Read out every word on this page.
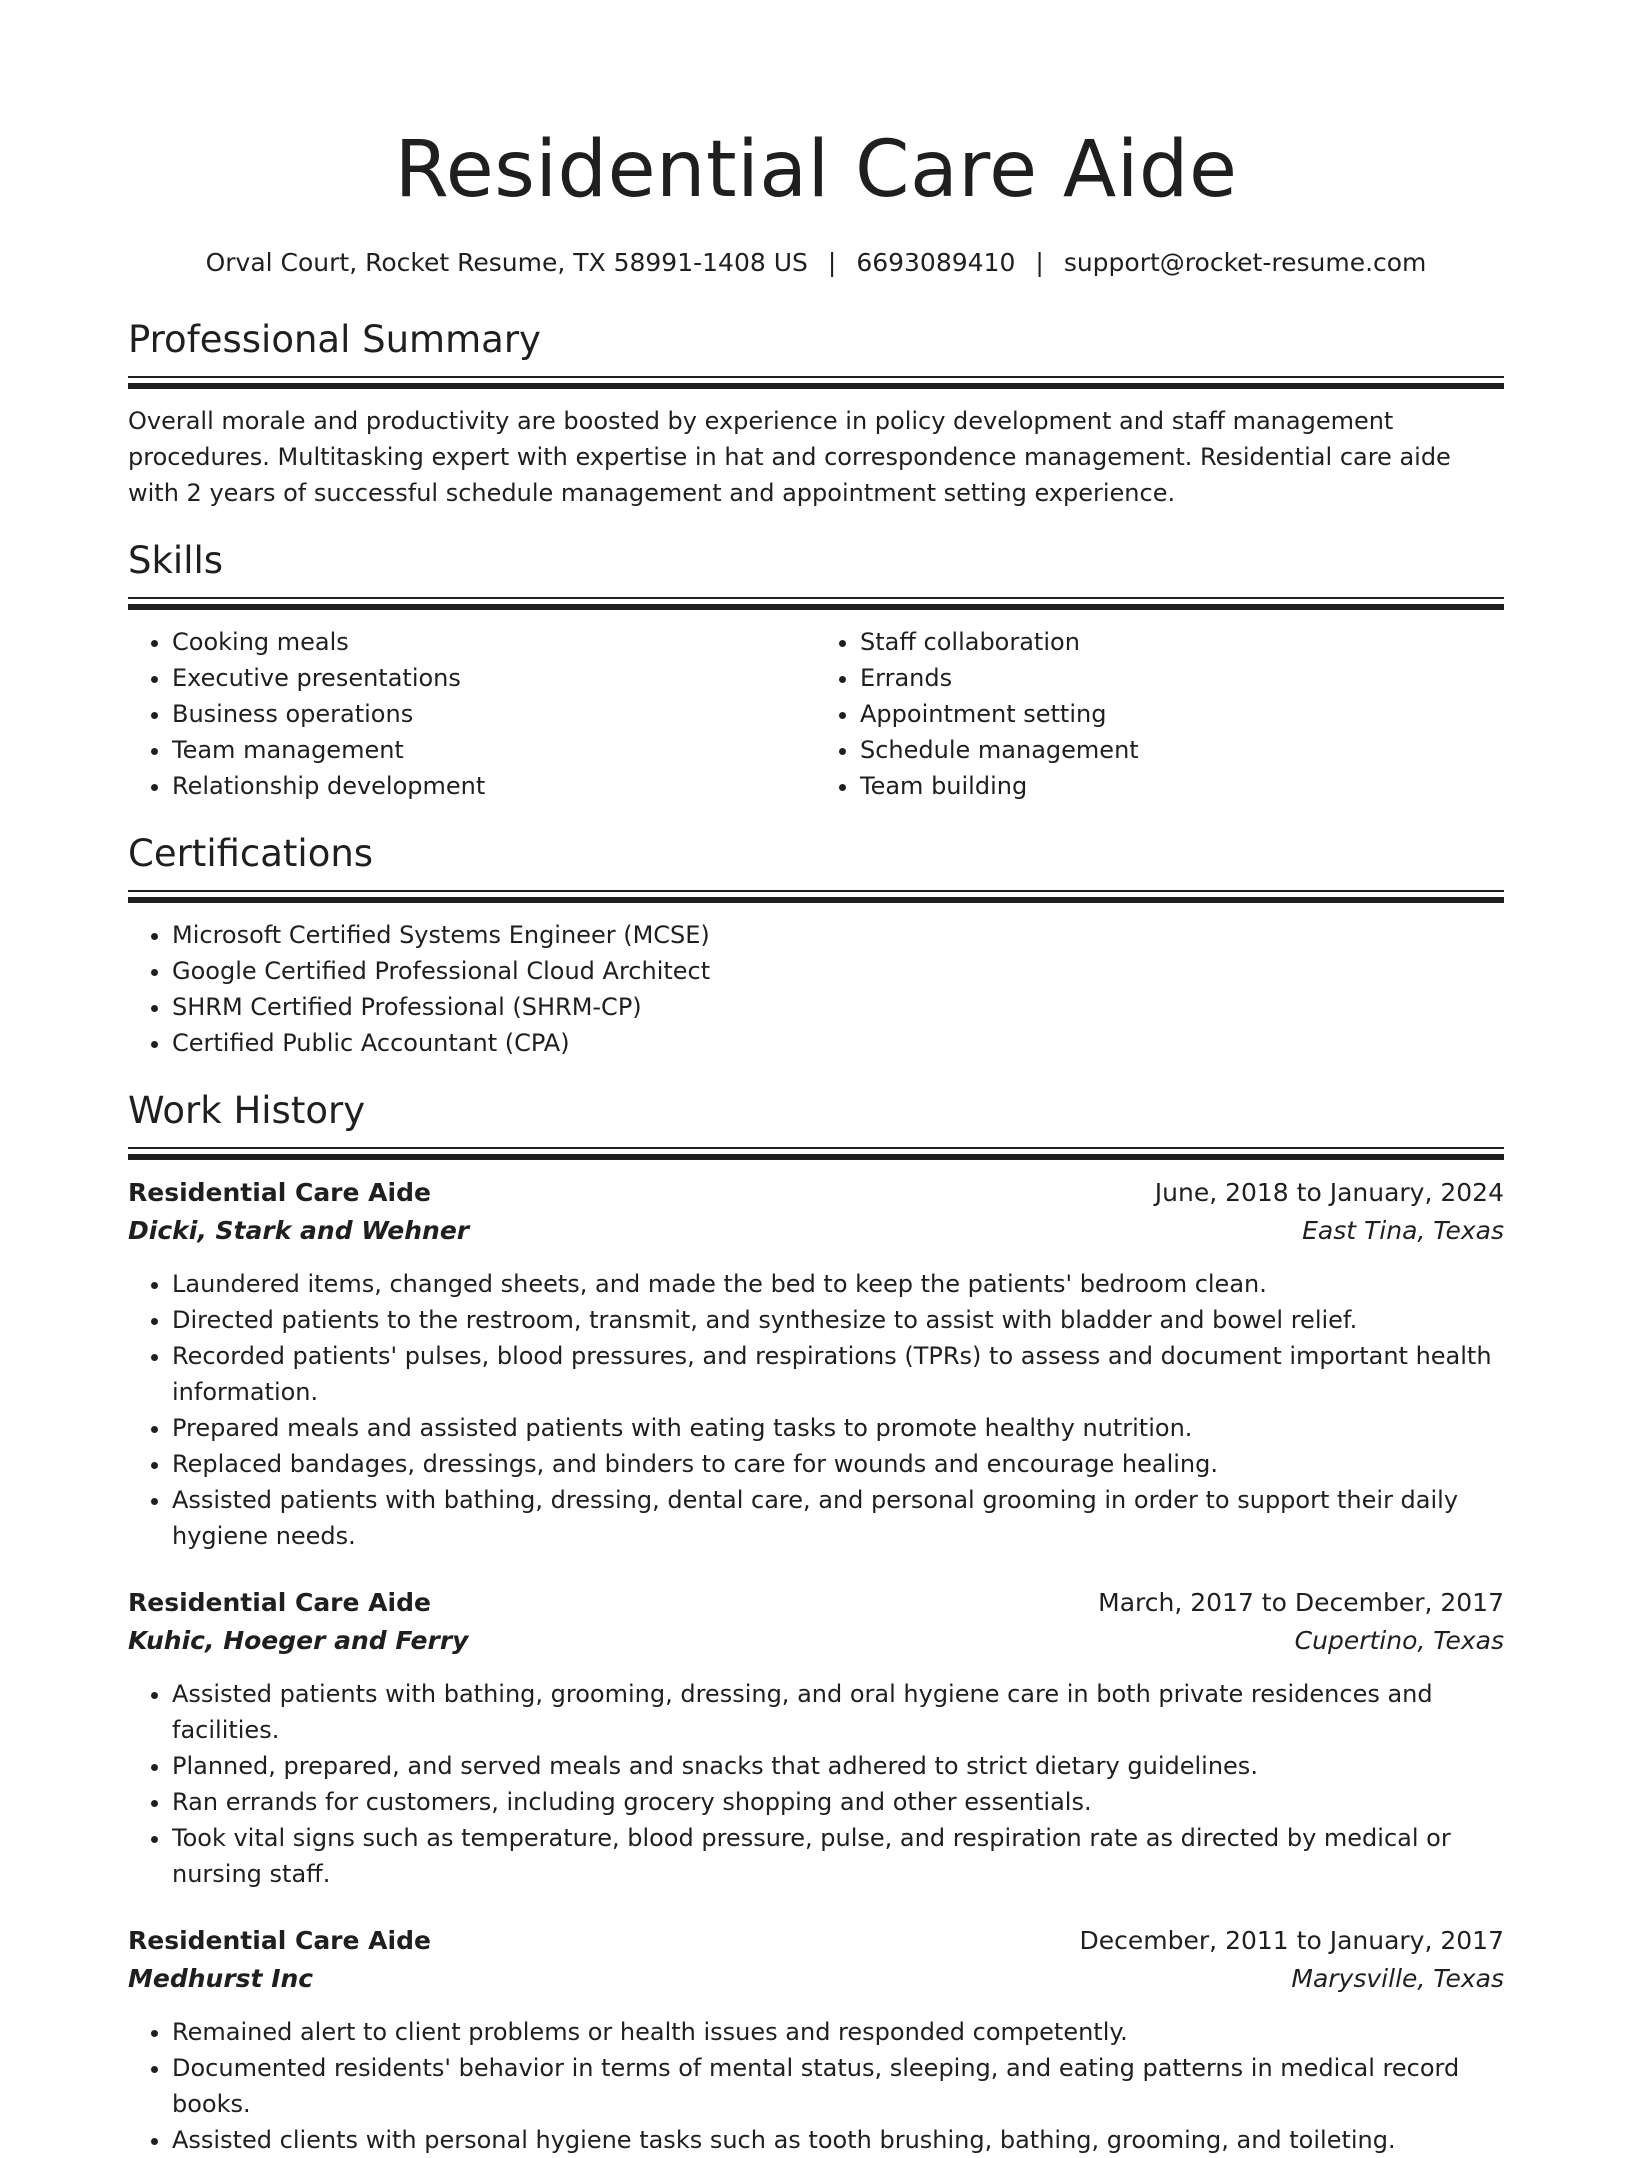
Residential Care Aide
Orval Court, Rocket Resume, TX 58991-1408 US | 6693089410 | support@rocket-resume.com
Professional Summary
Overall morale and productivity are boosted by experience in policy development and staff management procedures. Multitasking expert with expertise in hat and correspondence management. Residential care aide with 2 years of successful schedule management and appointment setting experience.
Skills
• Cooking meals
• Executive presentations
• Business operations
• Team management
• Relationship development
• Staff collaboration
• Errands
• Appointment setting
• Schedule management
• Team building
Certifications
• Microsoft Certified Systems Engineer (MCSE)
• Google Certified Professional Cloud Architect
• SHRM Certified Professional (SHRM-CP)
• Certified Public Accountant (CPA)
Work History
Residential Care Aide	June, 2018 to January, 2024
Dicki, Stark and Wehner	East Tina, Texas
• Laundered items, changed sheets, and made the bed to keep the patients' bedroom clean.
• Directed patients to the restroom, transmit, and synthesize to assist with bladder and bowel relief.
• Recorded patients' pulses, blood pressures, and respirations (TPRs) to assess and document important health information.
• Prepared meals and assisted patients with eating tasks to promote healthy nutrition.
• Replaced bandages, dressings, and binders to care for wounds and encourage healing.
• Assisted patients with bathing, dressing, dental care, and personal grooming in order to support their daily hygiene needs.
Residential Care Aide	March, 2017 to December, 2017
Kuhic, Hoeger and Ferry	Cupertino, Texas
• Assisted patients with bathing, grooming, dressing, and oral hygiene care in both private residences and facilities.
• Planned, prepared, and served meals and snacks that adhered to strict dietary guidelines.
• Ran errands for customers, including grocery shopping and other essentials.
• Took vital signs such as temperature, blood pressure, pulse, and respiration rate as directed by medical or nursing staff.
Residential Care Aide	December, 2011 to January, 2017
Medhurst Inc	Marysville, Texas
• Remained alert to client problems or health issues and responded competently.
• Documented residents' behavior in terms of mental status, sleeping, and eating patterns in medical record books.
• Assisted clients with personal hygiene tasks such as tooth brushing, bathing, grooming, and toileting.
